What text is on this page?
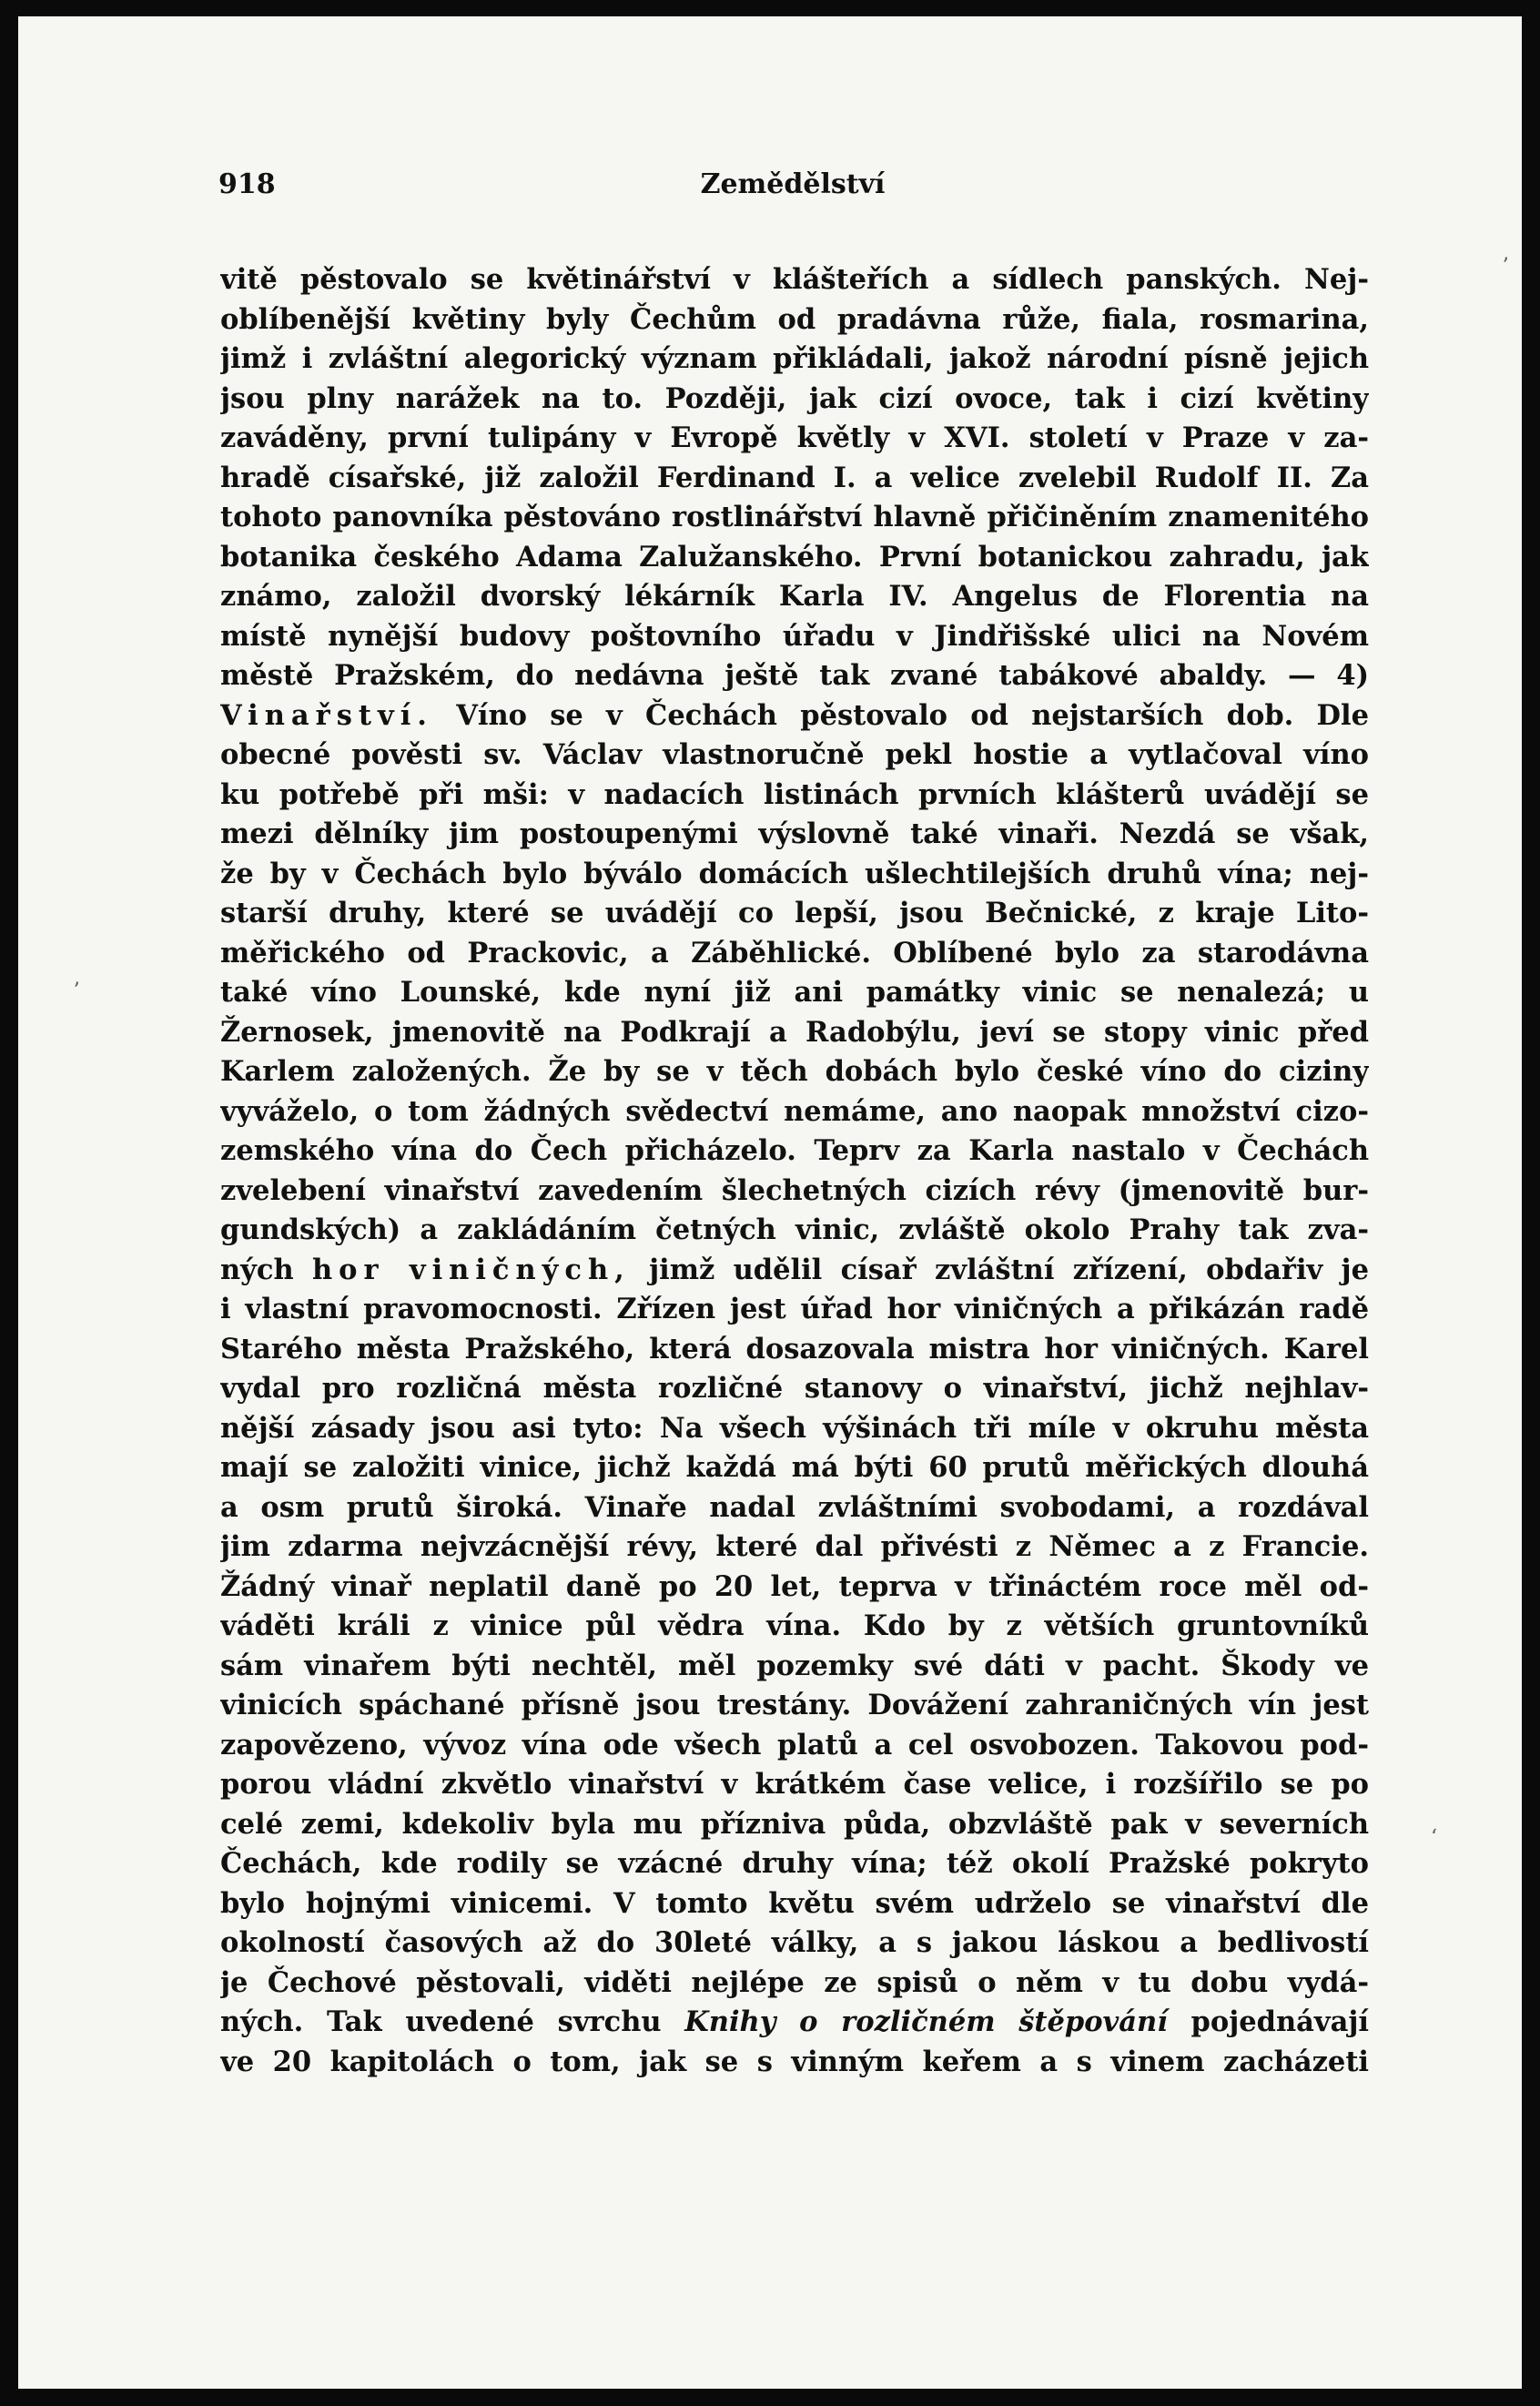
918	Zemědělství
vitě pěstovalo se květinářství v klášteřích a sídlech panských. Nej-
oblíbenější květiny byly Čechům od pradávna růže, fiala, rosmarina,
jimž i zvláštní alegorický význam přikládali, jakož národní písně jejich
jsou plny narážek na to. Později, jak cizí ovoce, tak i cizí květiny
zaváděny, první tulipány v Evropě květly v XVI. století v Praze v za-
hradě císařské, již založil Ferdinand I. a velice zvelebil Rudolf II. Za
tohoto panovníka pěstováno rostlinářství hlavně přičiněním znamenitého
botanika českého Adama Zalužanského. První botanickou zahradu, jak
známo, založil dvorský lékárník Karla IV. Angelus de Florentia na
místě nynější budovy poštovního úřadu v Jindřišské ulici na Novém
městě Pražském, do nedávna ještě tak zvané tabákové abaldy. — 4)
Vinařství. Víno se v Čechách pěstovalo od nejstarších dob. Dle
obecné pověsti sv. Václav vlastnoručně pekl hostie a vytlačoval víno
ku potřebě při mši: v nadacích listinách prvních klášterů uvádějí se
mezi dělníky jim postoupenými výslovně také vinaři. Nezdá se však,
že by v Čechách bylo býválo domácích ušlechtilejších druhů vína; nej-
starší druhy, které se uvádějí co lepší, jsou Bečnické, z kraje Lito-
měřického od Prackovic, a Záběhlické. Oblíbené bylo za starodávna
také víno Lounské, kde nyní již ani památky vinic se nenalezá; u
Žernosek, jmenovitě na Podkrají a Radobýlu, jeví se stopy vinic před
Karlem založených. Že by se v těch dobách bylo české víno do ciziny
vyváželo, o tom žádných svědectví nemáme, ano naopak množství cizo-
zemského vína do Čech přicházelo. Teprv za Karla nastalo v Čechách
zvelebení vinařství zavedením šlechetných cizích révy (jmenovitě bur-
gundských) a zakládáním četných vinic, zvláště okolo Prahy tak zva-
ných hor viničných, jimž udělil císař zvláštní zřízení, obdařiv je
i vlastní pravomocnosti. Zřízen jest úřad hor viničných a přikázán radě
Starého města Pražského, která dosazovala mistra hor viničných. Karel
vydal pro rozličná města rozličné stanovy o vinařství, jichž nejhlav-
nější zásady jsou asi tyto: Na všech výšinách tři míle v okruhu města
mají se založiti vinice, jichž každá má býti 60 prutů měřických dlouhá
a osm prutů široká. Vinaře nadal zvláštními svobodami, a rozdával
jim zdarma nejvzácnější révy, které dal přivésti z Němec a z Francie.
Žádný vinař neplatil daně po 20 let, teprva v třináctém roce měl od-
váděti králi z vinice půl vědra vína. Kdo by z větších gruntovníků
sám vinařem býti nechtěl, měl pozemky své dáti v pacht. Škody ve
vinicích spáchané přísně jsou trestány. Dovážení zahraničných vín jest
zapovězeno, vývoz vína ode všech platů a cel osvobozen. Takovou pod-
porou vládní zkvětlo vinařství v krátkém čase velice, i rozšířilo se po
celé zemi, kdekoliv byla mu přízniva půda, obzvláště pak v severních
Čechách, kde rodily se vzácné druhy vína; též okolí Pražské pokryto
bylo hojnými vinicemi. V tomto květu svém udrželo se vinařství dle
okolností časových až do 30leté války, a s jakou láskou a bedlivostí
je Čechové pěstovali, viděti nejlépe ze spisů o něm v tu dobu vydá-
ných. Tak uvedené svrchu Knihy o rozličném štěpování pojednávají
ve 20 kapitolách o tom, jak se s vinným keřem a s vinem zacházeti
ʼ
ʼ
ʻ
